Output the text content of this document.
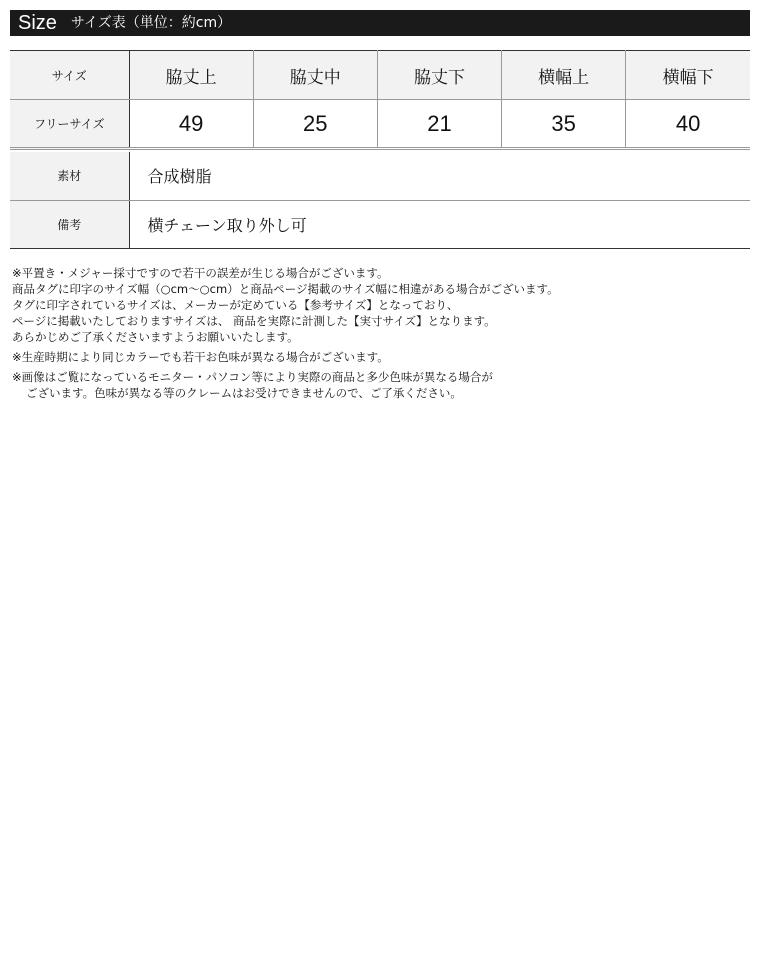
Size サイズ表（単位：約cm）
サイズ	脇丈上	脇丈中	脇丈下	横幅上	横幅下
フリーサイズ	49	25	21	35	40
素材	合成樹脂
備考	横チェーン取り外し可
※平置き・メジャー採寸ですので若干の誤差が生じる場合がございます。
商品タグに印字のサイズ幅（○cm〜○cm）と商品ページ掲載のサイズ幅に相違がある場合がございます。
タグに印字されているサイズは、メーカーが定めている【参考サイズ】となっており、
ページに掲載いたしておりますサイズは、 商品を実際に計測した【実寸サイズ】となります。
あらかじめご了承くださいますようお願いいたします。
※生産時期により同じカラーでも若干お色味が異なる場合がございます。
※画像はご覧になっているモニター・パソコン等により実際の商品と多少色味が異なる場合が
ございます。色味が異なる等のクレームはお受けできませんので、ご了承ください。
